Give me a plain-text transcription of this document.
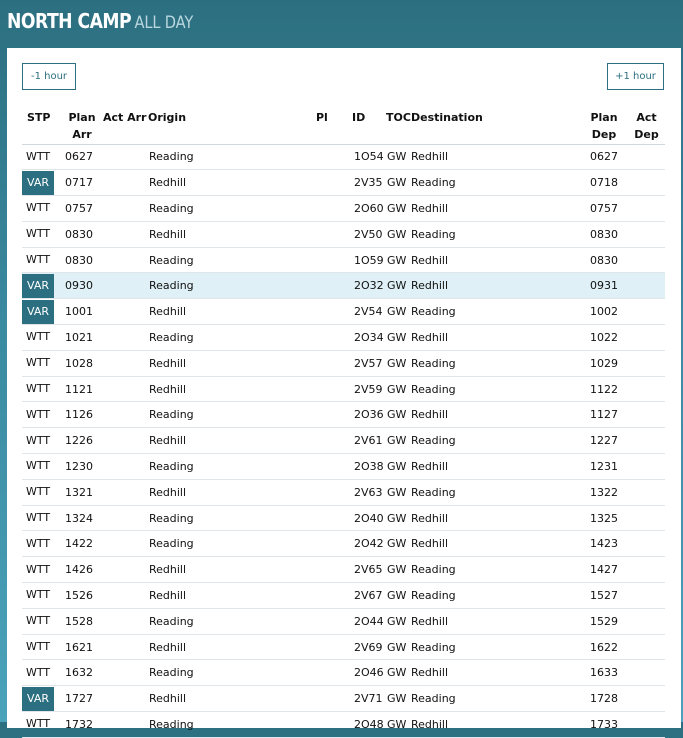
NORTH CAMP ALL DAY
-1 hour	+1 hour
STP	Plan Arr	Act Arr	Origin	Pl	ID	TOC	Destination	Plan Dep	Act Dep

WTT	0627		Reading		1O54	GW	Redhill	0627	

VAR	0717		Redhill		2V35	GW	Reading	0718	

WTT	0757		Reading		2O60	GW	Redhill	0757	

WTT	0830		Redhill		2V50	GW	Reading	0830	

WTT	0830		Reading		1O59	GW	Redhill	0830	

VAR	0930		Reading		2O32	GW	Redhill	0931	

VAR	1001		Redhill		2V54	GW	Reading	1002	

WTT	1021		Reading		2O34	GW	Redhill	1022	

WTT	1028		Redhill		2V57	GW	Reading	1029	

WTT	1121		Redhill		2V59	GW	Reading	1122	

WTT	1126		Reading		2O36	GW	Redhill	1127	

WTT	1226		Redhill		2V61	GW	Reading	1227	

WTT	1230		Reading		2O38	GW	Redhill	1231	

WTT	1321		Redhill		2V63	GW	Reading	1322	

WTT	1324		Reading		2O40	GW	Redhill	1325	

WTT	1422		Reading		2O42	GW	Redhill	1423	

WTT	1426		Redhill		2V65	GW	Reading	1427	

WTT	1526		Redhill		2V67	GW	Reading	1527	

WTT	1528		Reading		2O44	GW	Redhill	1529	

WTT	1621		Redhill		2V69	GW	Reading	1622	

WTT	1632		Reading		2O46	GW	Redhill	1633	

VAR	1727		Redhill		2V71	GW	Reading	1728	

WTT	1732		Reading		2O48	GW	Redhill	1733	
